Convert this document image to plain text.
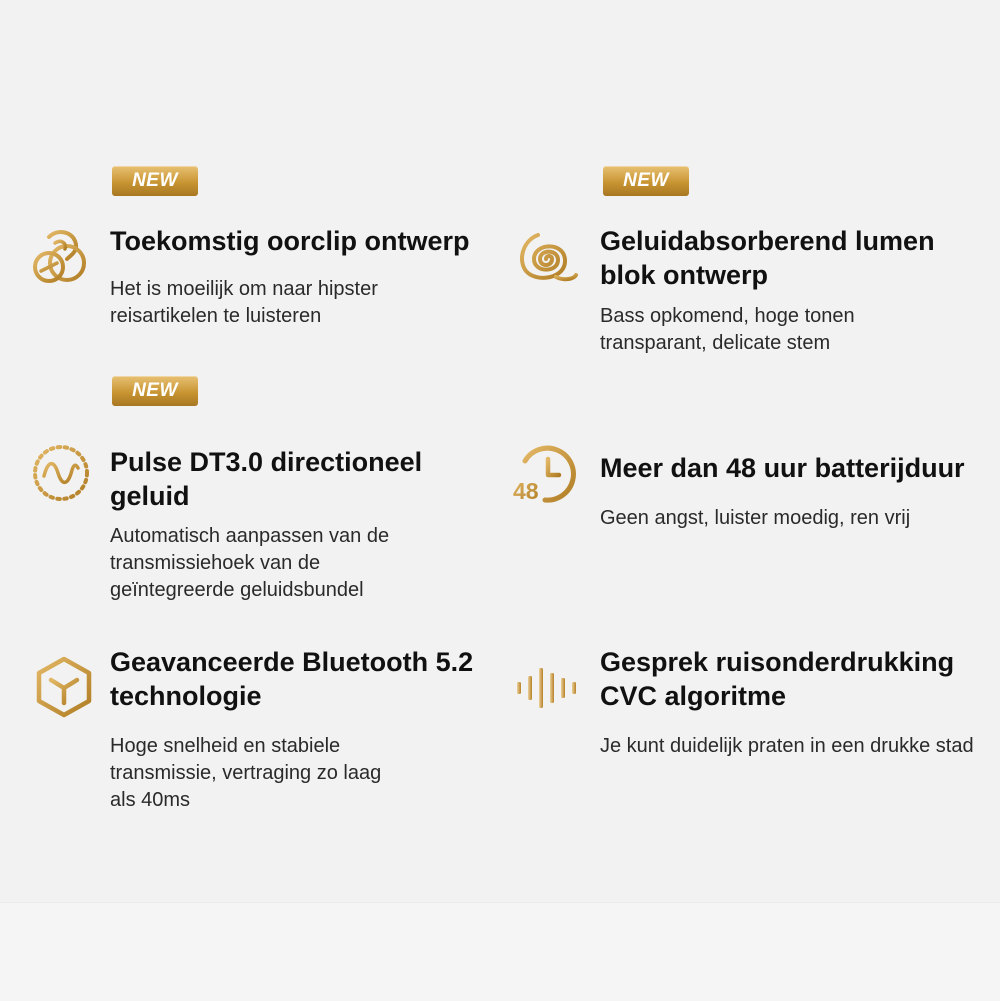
NEW	NEW
NEW
Toekomstig oorclip ontwerp

Het is moeilijk om naar hipster reisartikelen te luisteren

Geluidabsorberend lumen blok ontwerp

Bass opkomend, hoge tonen transparant, delicate stem

Pulse DT3.0 directioneel geluid

Automatisch aanpassen van de transmissiehoek van de geïntegreerde geluidsbundel

48
Meer dan 48 uur batterijduur

Geen angst, luister moedig, ren vrij

Geavanceerde Bluetooth 5.2 technologie

Hoge snelheid en stabiele transmissie, vertraging zo laag als 40ms

Gesprek ruisonderdrukking CVC algoritme

Je kunt duidelijk praten in een drukke stad
